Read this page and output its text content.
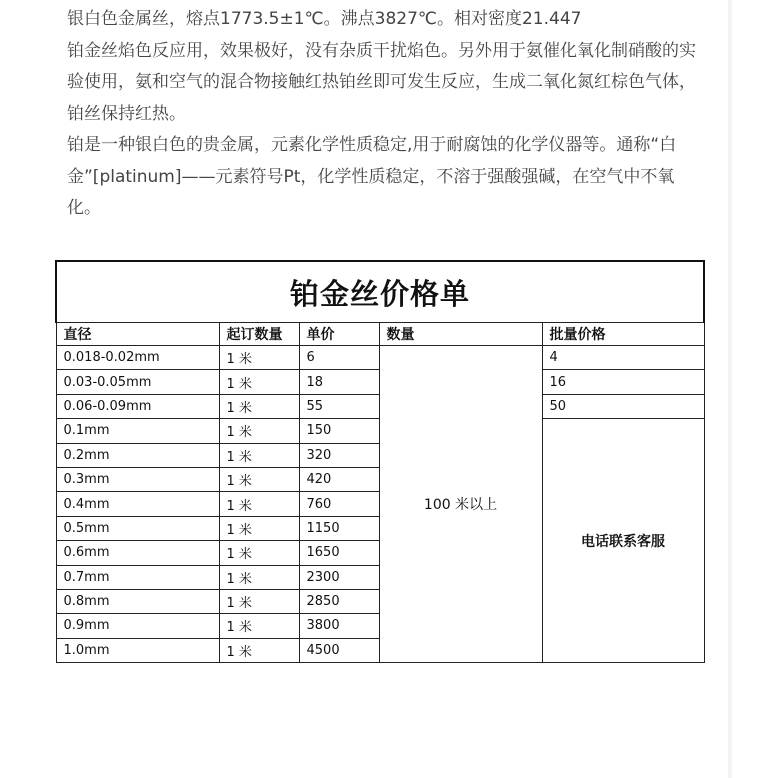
银白色金属丝，熔点1773.5±1℃。沸点3827℃。相对密度21.447

铂金丝焰色反应用，效果极好，没有杂质干扰焰色。另外用于氨催化氧化制硝酸的实验使用，氨和空气的混合物接触红热铂丝即可发生反应，生成二氧化氮红棕色气体，铂丝保持红热。

铂是一种银白色的贵金属，元素化学性质稳定,用于耐腐蚀的化学仪器等。通称“白金”[platinum]——元素符号Pt，化学性质稳定，不溶于强酸强碱，在空气中不氧化。

铂金丝价格单				
直径	起订数量	单价	数量	批量价格
0.018-0.02mm	1 米	6	100 米以上	4
0.03-0.05mm	1 米	18		16
0.06-0.09mm	1 米	55		50
0.1mm	1 米	150		电话联系客服
0.2mm	1 米	320		
0.3mm	1 米	420		
0.4mm	1 米	760		
0.5mm	1 米	1150		
0.6mm	1 米	1650		
0.7mm	1 米	2300		
0.8mm	1 米	2850		
0.9mm	1 米	3800		
1.0mm	1 米	4500		
